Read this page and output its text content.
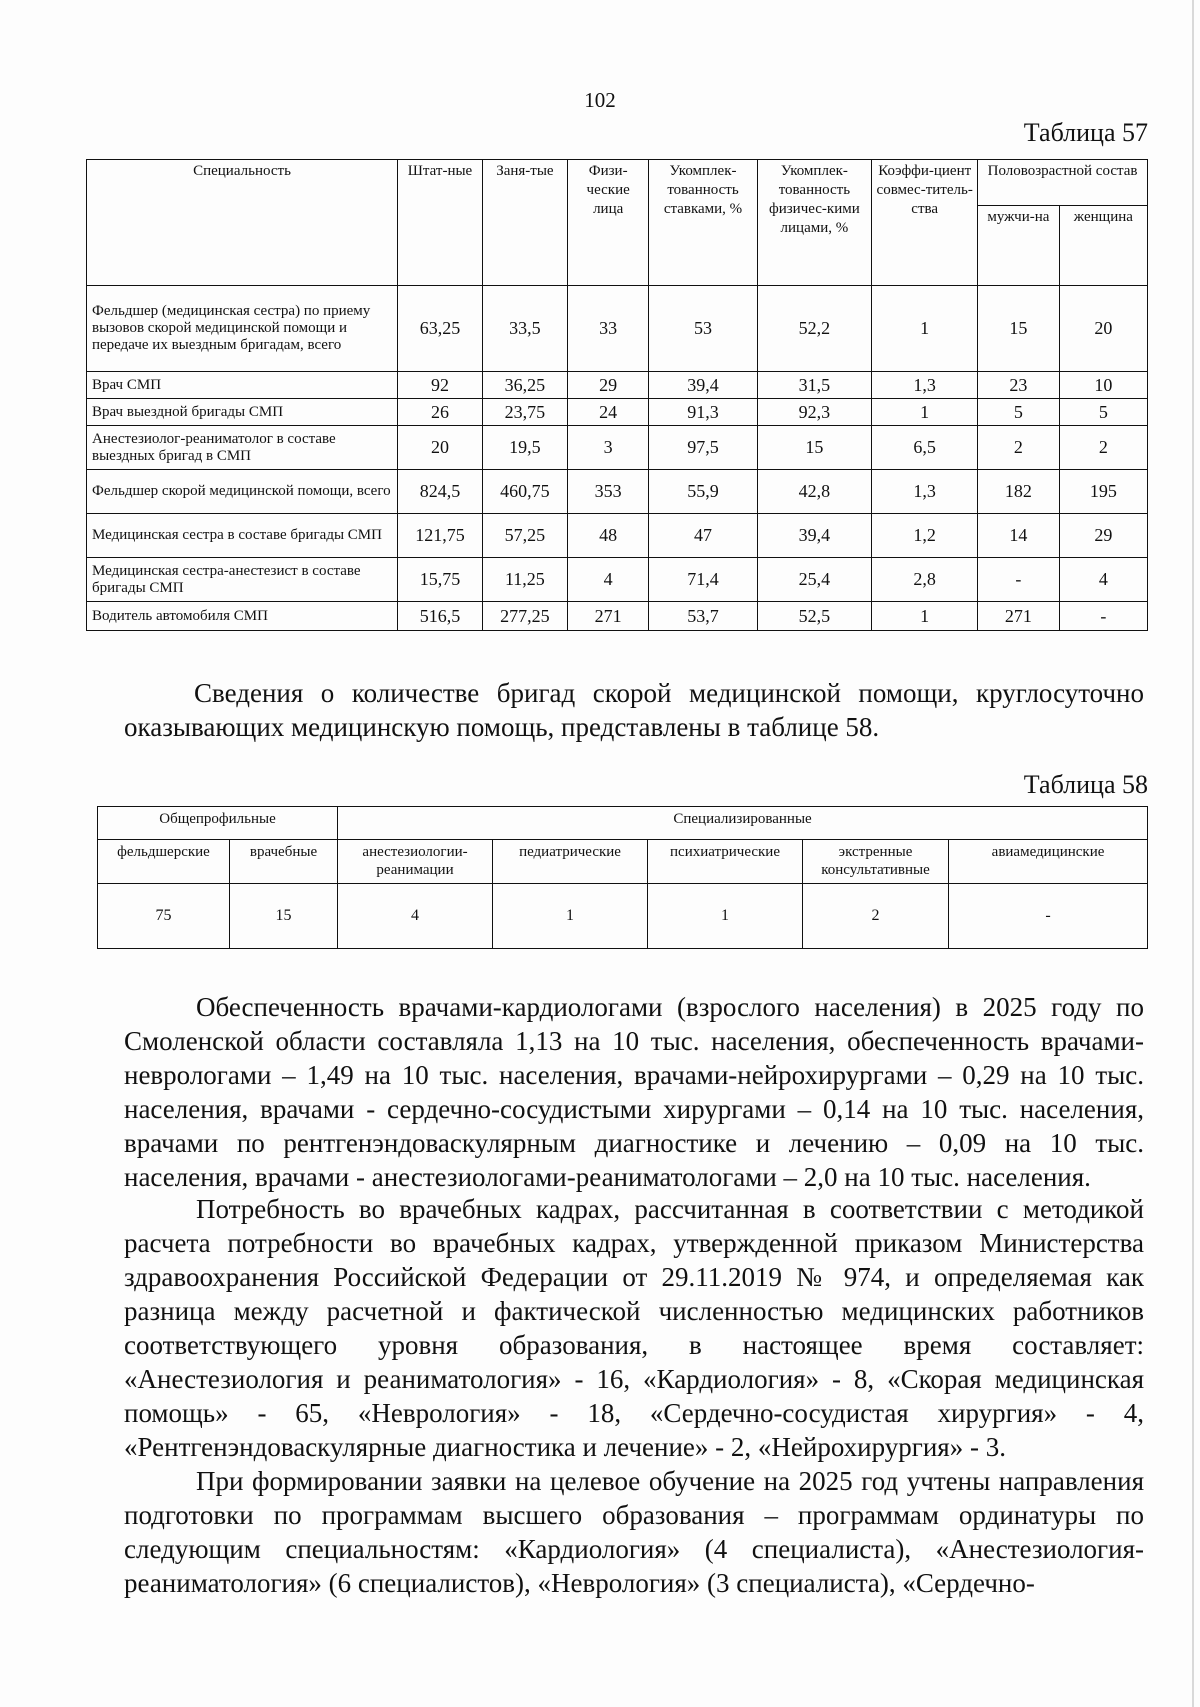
102
Таблица 57
Специальность	Штат-ные	Заня-тые	Физи-ческие лица	Укомплек-тованность ставками, %	Укомплек-тованность физичес-кими лицами, %	Коэффи-циент совмес-титель-ства	Половозрастной состав	
							мужчи-на	женщина
Фельдшер (медицинская сестра) по приему вызовов скорой медицинской помощи и передаче их выездным бригадам, всего	63,25	33,5	33	53	52,2	1	15	20
Врач СМП	92	36,25	29	39,4	31,5	1,3	23	10
Врач выездной бригады СМП	26	23,75	24	91,3	92,3	1	5	5
Анестезиолог-реаниматолог в составе выездных бригад в СМП	20	19,5	3	97,5	15	6,5	2	2
Фельдшер скорой медицинской помощи, всего	824,5	460,75	353	55,9	42,8	1,3	182	195
Медицинская сестра в составе бригады СМП	121,75	57,25	48	47	39,4	1,2	14	29
Медицинская сестра-анестезист в составе бригады СМП	15,75	11,25	4	71,4	25,4	2,8	-	4
Водитель автомобиля СМП	516,5	277,25	271	53,7	52,5	1	271	-

Сведения о количестве бригад скорой медицинской помощи, круглосуточно оказывающих медицинскую помощь, представлены в таблице 58.

Таблица 58
Общепрофильные		Специализированные				
фельдшерские	врачебные	анестезиологии-реанимации	педиатрические	психиатрические	экстренные консультативные	авиамедицинские
75	15	4	1	1	2	-

Обеспеченность врачами-кардиологами (взрослого населения) в 2025 году по Смоленской области составляла 1,13 на 10 тыс. населения, обеспеченность врачами-неврологами – 1,49 на 10 тыс. населения, врачами-нейрохирургами – 0,29 на 10 тыс. населения, врачами - сердечно-сосудистыми хирургами – 0,14 на 10 тыс. населения, врачами по рентгенэндоваскулярным диагностике и лечению – 0,09 на 10 тыс. населения, врачами - анестезиологами-реаниматологами – 2,0 на 10 тыс. населения.

Потребность во врачебных кадрах, рассчитанная в соответствии с методикой расчета потребности во врачебных кадрах, утвержденной приказом Министерства здравоохранения Российской Федерации от 29.11.2019 № 974, и определяемая как разница между расчетной и фактической численностью медицинских работников соответствующего уровня образования, в настоящее время составляет: «Анестезиология и реаниматология» - 16, «Кардиология» - 8, «Скорая медицинская помощь» - 65, «Неврология» - 18, «Сердечно-сосудистая хирургия» - 4, «Рентгенэндоваскулярные диагностика и лечение» - 2, «Нейрохирургия» - 3.

При формировании заявки на целевое обучение на 2025 год учтены направления подготовки по программам высшего образования – программам ординатуры по следующим специальностям: «Кардиология» (4 специалиста), «Анестезиология-реаниматология» (6 специалистов), «Неврология» (3 специалиста), «Сердечно-
